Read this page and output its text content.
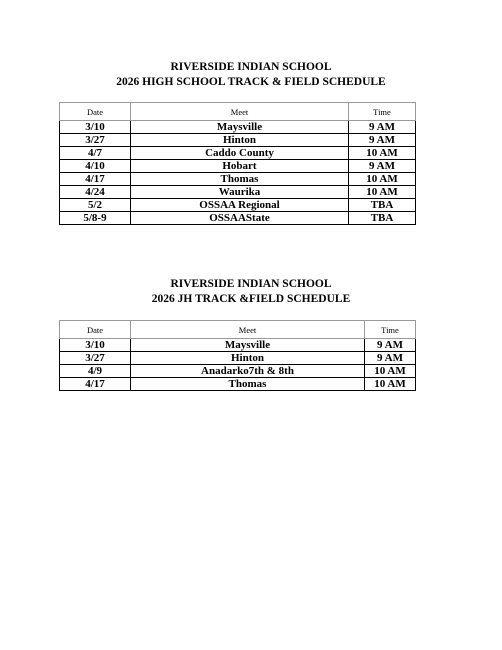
RIVERSIDE INDIAN SCHOOL

2026 HIGH SCHOOL TRACK & FIELD SCHEDULE

Date	Meet	Time
3/10	Maysville	9 AM
3/27	Hinton	9 AM
4/7	Caddo County	10 AM
4/10	Hobart	9 AM
4/17	Thomas	10 AM
4/24	Waurika	10 AM
5/2	OSSAA Regional	TBA
5/8-9	OSSAAState	TBA

RIVERSIDE INDIAN SCHOOL

2026 JH TRACK &FIELD SCHEDULE

Date	Meet	Time
3/10	Maysville	9 AM
3/27	Hinton	9 AM
4/9	Anadarko7th & 8th	10 AM
4/17	Thomas	10 AM
